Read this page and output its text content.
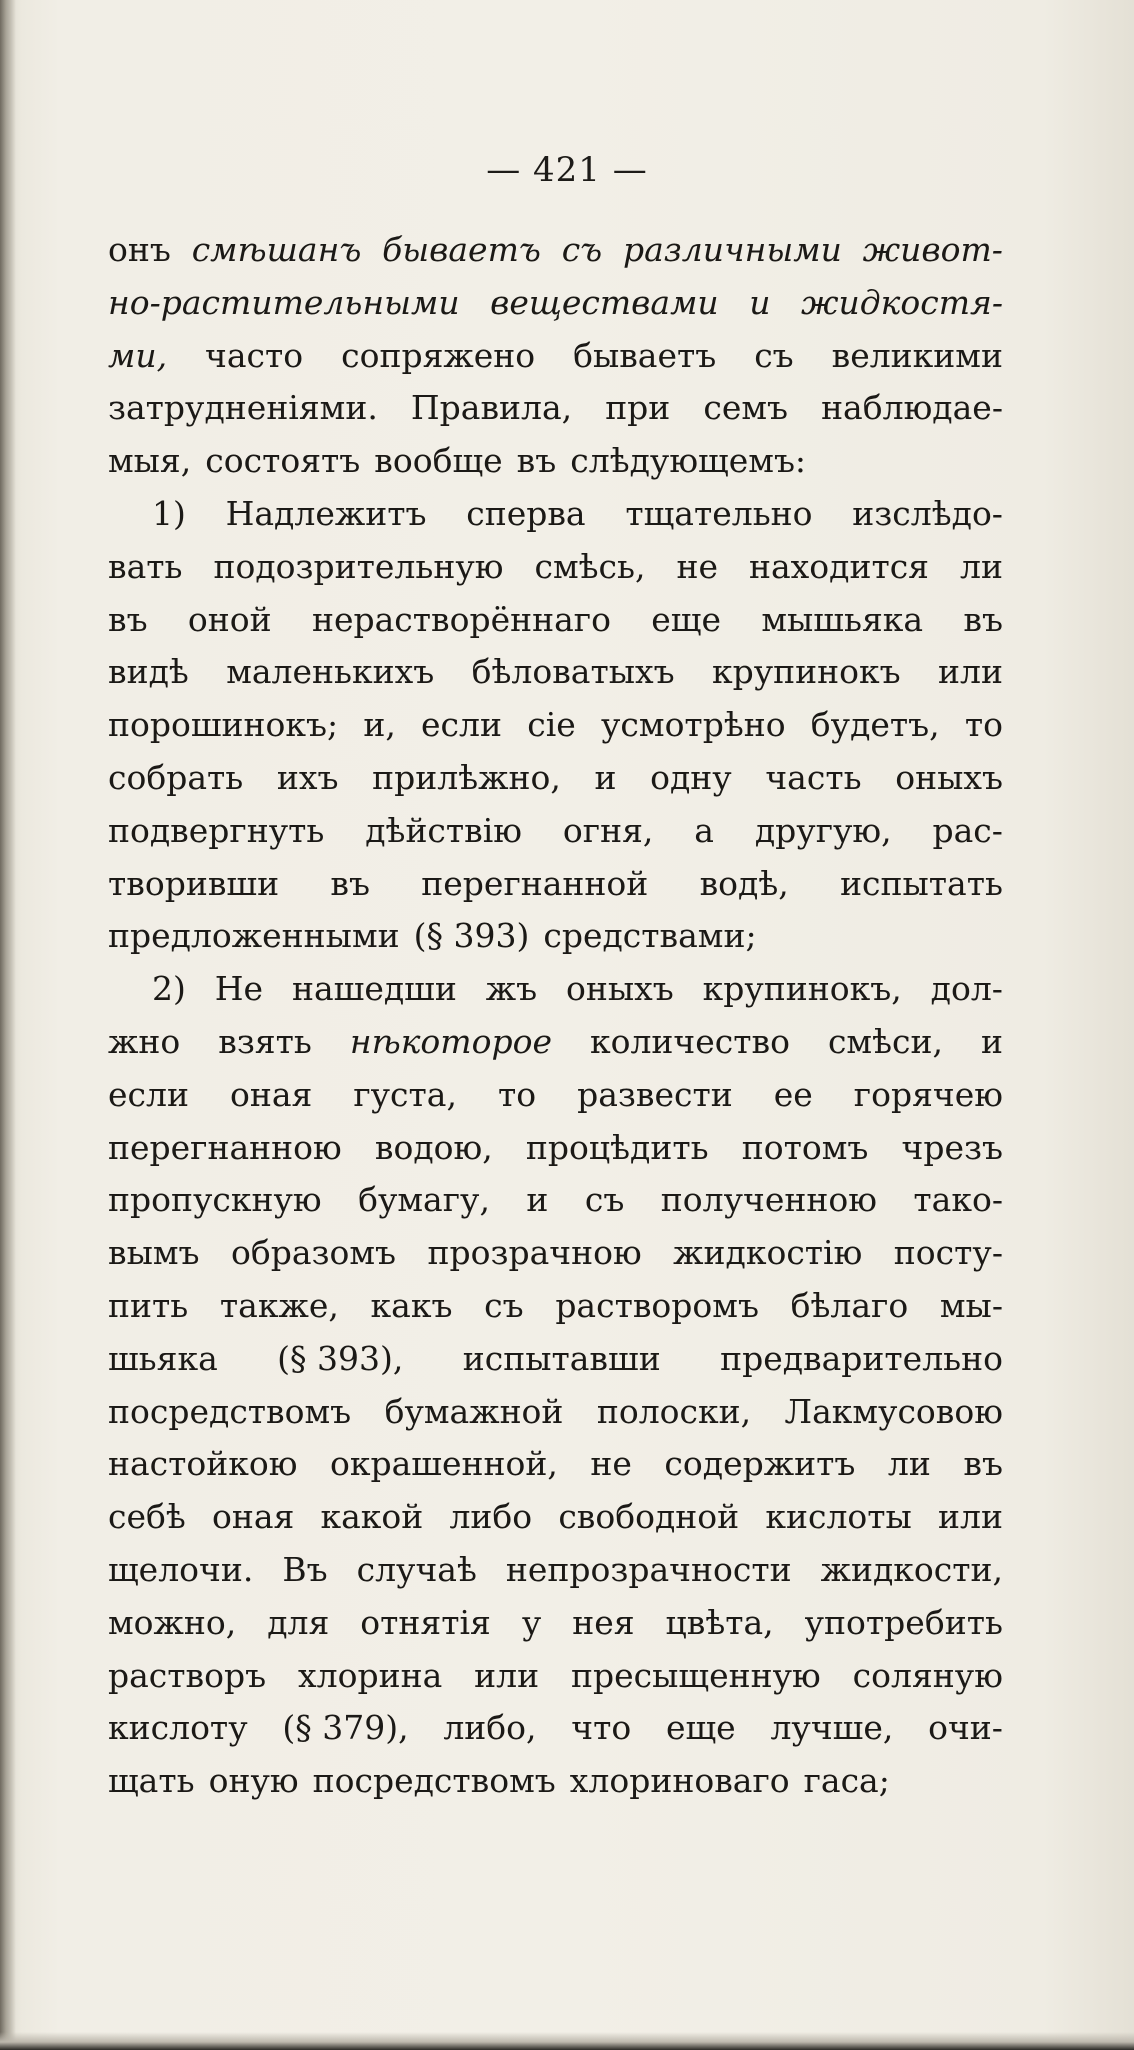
— 421 —
онъ смѣшанъ бываетъ съ различными живот-
но-растительными веществами и жидкостя-
ми, часто сопряжено бываетъ съ великими
затрудненіями. Правила, при семъ наблюдае-
мыя, состоятъ вообще въ слѣдующемъ:
1) Надлежитъ сперва тщательно изслѣдо-
вать подозрительную смѣсь, не находится ли
въ оной нерастворённаго еще мышьяка въ
видѣ маленькихъ бѣловатыхъ крупинокъ или
порошинокъ; и, если сіе усмотрѣно будетъ, то
собрать ихъ прилѣжно, и одну часть оныхъ
подвергнуть дѣйствію огня, а другую, рас-
творивши въ перегнанной водѣ, испытать
предложенными (§ 393) средствами;
2) Не нашедши жъ оныхъ крупинокъ, дол-
жно взять нѣкоторое количество смѣси, и
если оная густа, то развести ее горячею
перегнанною водою, процѣдить потомъ чрезъ
пропускную бумагу, и съ полученною тако-
вымъ образомъ прозрачною жидкостію посту-
пить также, какъ съ растворомъ бѣлаго мы-
шьяка (§ 393), испытавши предварительно
посредствомъ бумажной полоски, Лакмусовою
настойкою окрашенной, не содержитъ ли въ
себѣ оная какой либо свободной кислоты или
щелочи. Въ случаѣ непрозрачности жидкости,
можно, для отнятія у нея цвѣта, употребить
растворъ хлорина или пресыщенную соляную
кислоту (§ 379), либо, что еще лучше, очи-
щать оную посредствомъ хлориноваго гаса;
